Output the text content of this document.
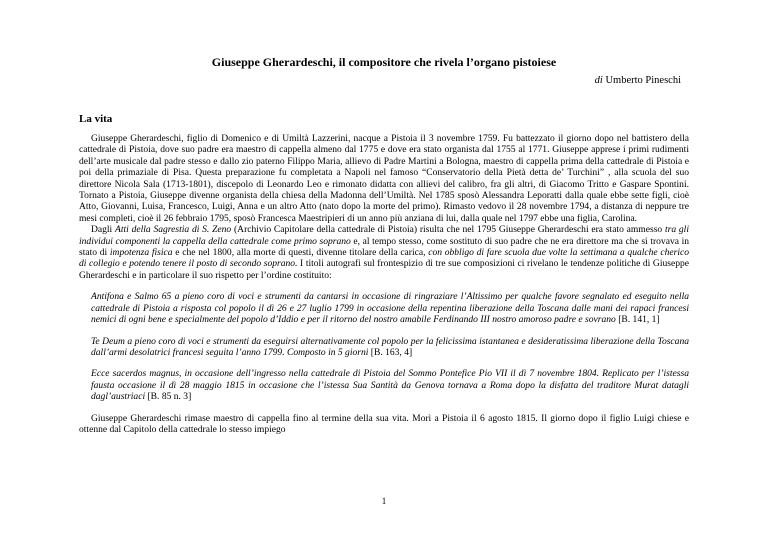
Giuseppe Gherardeschi, il compositore che rivela l’organo pistoiese
di Umberto Pineschi
La vita

Giuseppe Gherardeschi, figlio di Domenico e di Umiltà Lazzerini, nacque a Pistoia il 3 novembre 1759. Fu battezzato il giorno dopo nel battistero della cattedrale di Pistoia, dove suo padre era maestro di cappella almeno dal 1775 e dove era stato organista dal 1755 al 1771. Giuseppe apprese i primi rudimenti dell’arte musicale dal padre stesso e dallo zio paterno Filippo Maria, allievo di Padre Martini a Bologna, maestro di cappella prima della cattedrale di Pistoia e poi della primaziale di Pisa. Questa preparazione fu completata a Napoli nel famoso “Conservatorio della Pietà detta de’ Turchini” , alla scuola del suo direttore Nicola Sala (1713-1801), discepolo di Leonardo Leo e rimonato didatta con allievi del calibro, fra gli altri, di Giacomo Tritto e Gaspare Spontini. Tornato a Pistoia, Giuseppe divenne organista della chiesa della Madonna dell’Umiltà. Nel 1785 sposò Alessandra Leporatti dalla quale ebbe sette figli, cioè Atto, Giovanni, Luisa, Francesco, Luigi, Anna e un altro Atto (nato dopo la morte del primo). Rimasto vedovo il 28 novembre 1794, a distanza di neppure tre mesi completi, cioè il 26 febbraio 1795, sposò Francesca Maestripieri di un anno più anziana di lui, dalla quale nel 1797 ebbe una figlia, Carolina.

Dagli Atti della Sagrestia di S. Zeno (Archivio Capitolare della cattedrale di Pistoia) risulta che nel 1795 Giuseppe Gherardeschi era stato ammesso tra gli individui componenti la cappella della cattedrale come primo soprano e, al tempo stesso, come sostituto di suo padre che ne era direttore ma che si trovava in stato di impotenza fisica e che nel 1800, alla morte di questi, divenne titolare della carica, con obbligo di fare scuola due volte la settimana a qualche cherico di collegio e potendo tenere il posto di secondo soprano. I titoli autografi sul frontespizio di tre sue composizioni ci rivelano le tendenze politiche di Giuseppe Gherardeschi e in particolare il suo rispetto per l’ordine costituito:

Antifona e Salmo 65 a pieno coro di voci e strumenti da cantarsi in occasione di ringraziare l’Altissimo per qualche favore segnalato ed eseguito nella cattedrale di Pistoia a risposta col popolo il dì 26 e 27 luglio 1799 in occasione della repentina liberazione della Toscana dalle mani dei rapaci francesi nemici di ogni bene e specialmente del popolo d’Iddio e per il ritorno del nostro amabile Ferdinando III nostro amoroso padre e sovrano [B. 141, 1]
Te Deum a pieno coro di voci e strumenti da eseguirsi alternativamente col popolo per la felicissima istantanea e desideratissima liberazione della Toscana dall’armi desolatrici francesi seguita l’anno 1799. Composto in 5 giorni [B. 163, 4]
Ecce sacerdos magnus, in occasione dell’ingresso nella cattedrale di Pistoia del Sommo Pontefice Pio VII il dì 7 novembre 1804. Replicato per l’istessa fausta occasione il dì 28 maggio 1815 in occasione che l’istessa Sua Santità da Genova tornava a Roma dopo la disfatta del traditore Murat datagli dagl’austriaci [B. 85 n. 3]

Giuseppe Gherardeschi rimase maestro di cappella fino al termine della sua vita. Morì a Pistoia il 6 agosto 1815. Il giorno dopo il figlio Luigi chiese e ottenne dal Capitolo della cattedrale lo stesso impiego

1
